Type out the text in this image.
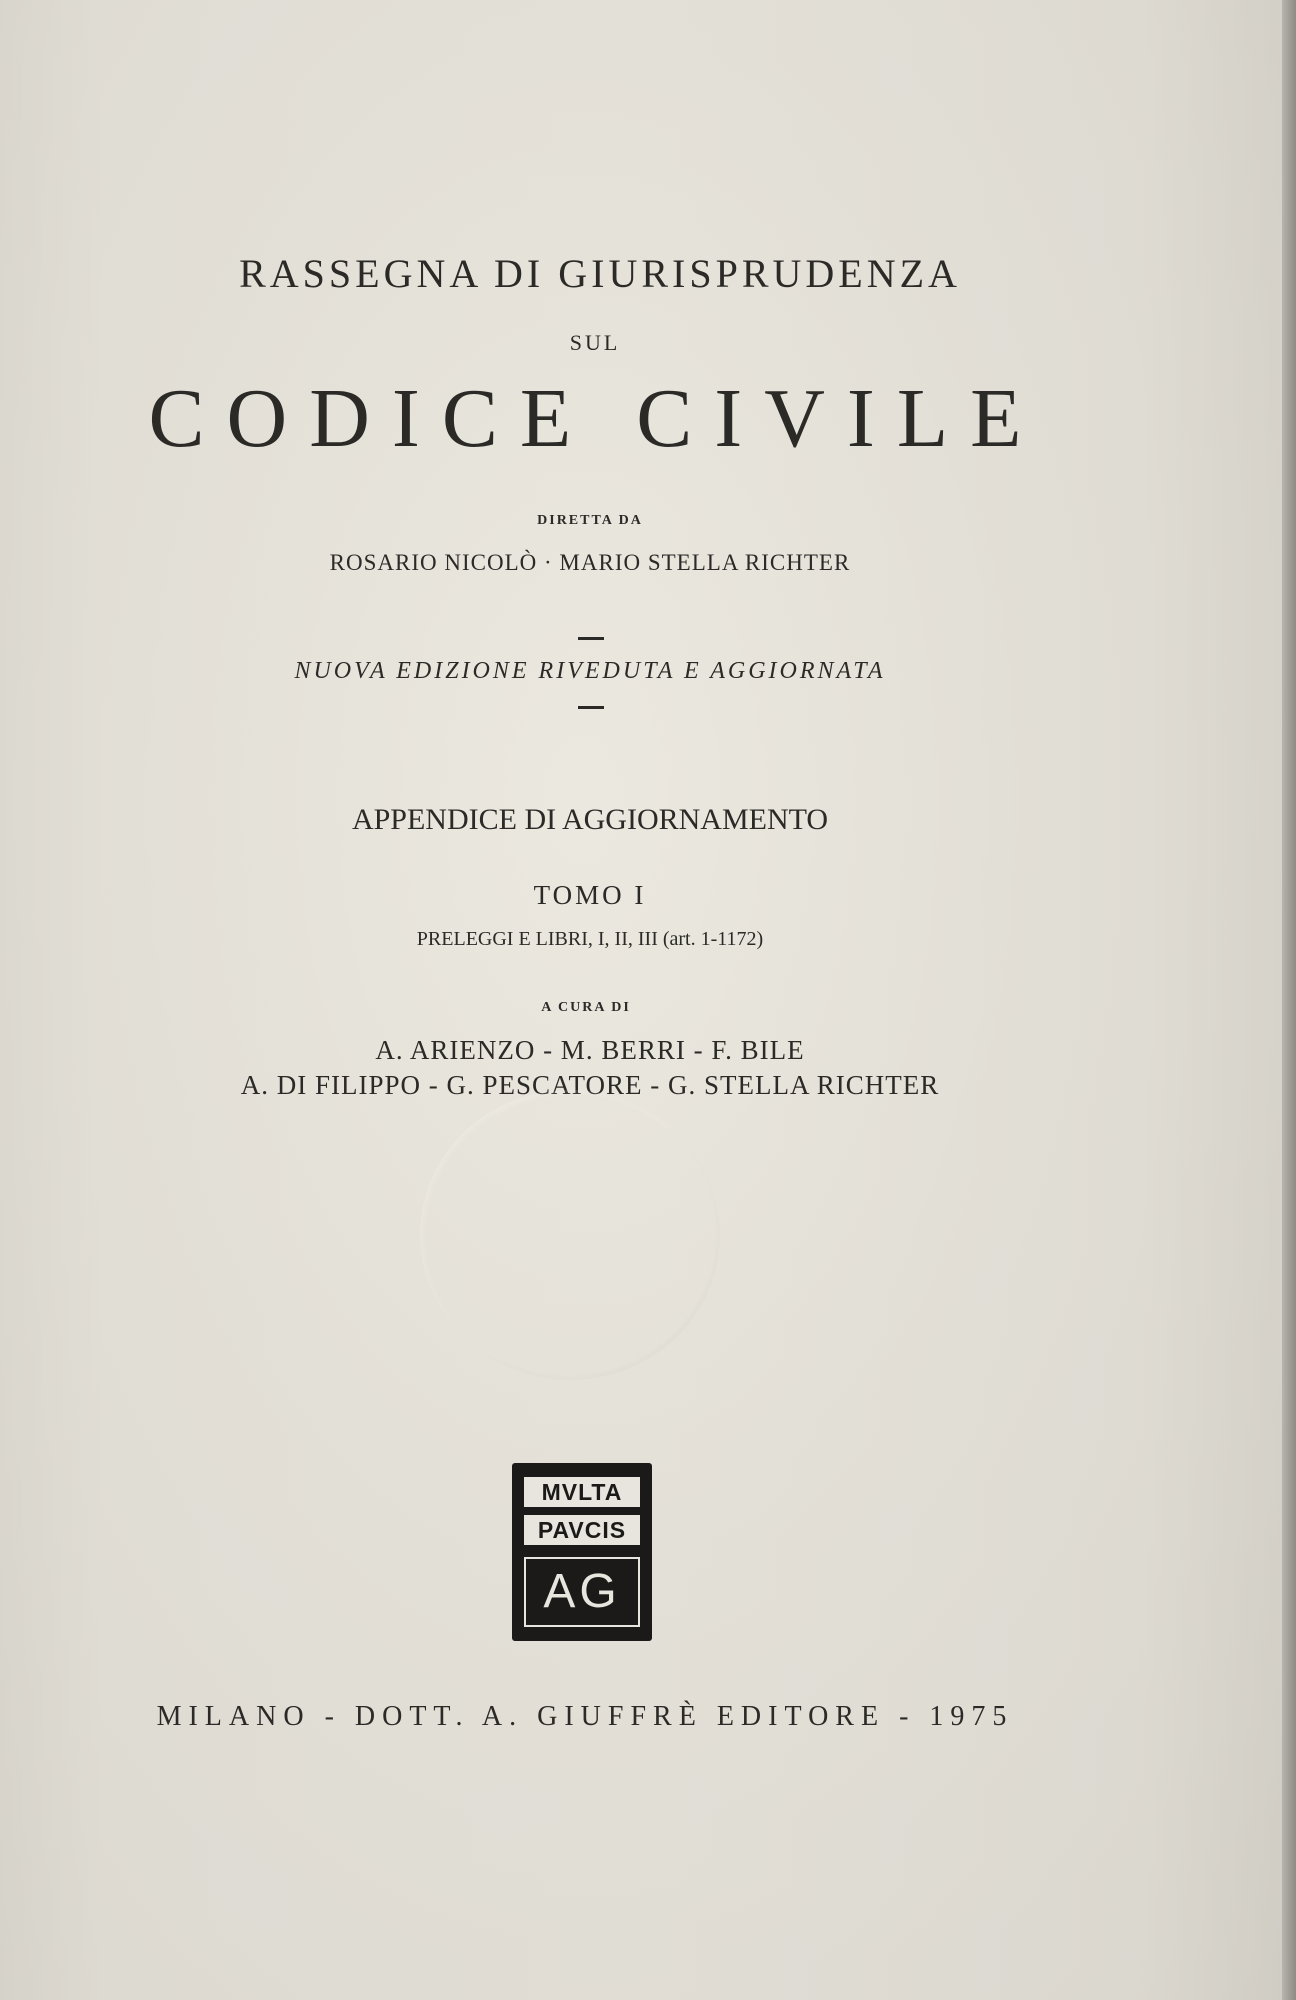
RASSEGNA DI GIURISPRUDENZA
SUL
CODICE CIVILE
DIRETTA DA
ROSARIO NICOLÒ · MARIO STELLA RICHTER
NUOVA EDIZIONE RIVEDUTA E AGGIORNATA
APPENDICE DI AGGIORNAMENTO
TOMO I
PRELEGGI E LIBRI, I, II, III (art. 1-1172)
A CURA DI
A. ARIENZO - M. BERRI - F. BILE
A. DI FILIPPO - G. PESCATORE - G. STELLA RICHTER
MVLTA
PAVCIS
AG
MILANO - DOTT. A. GIUFFRÈ EDITORE - 1975
